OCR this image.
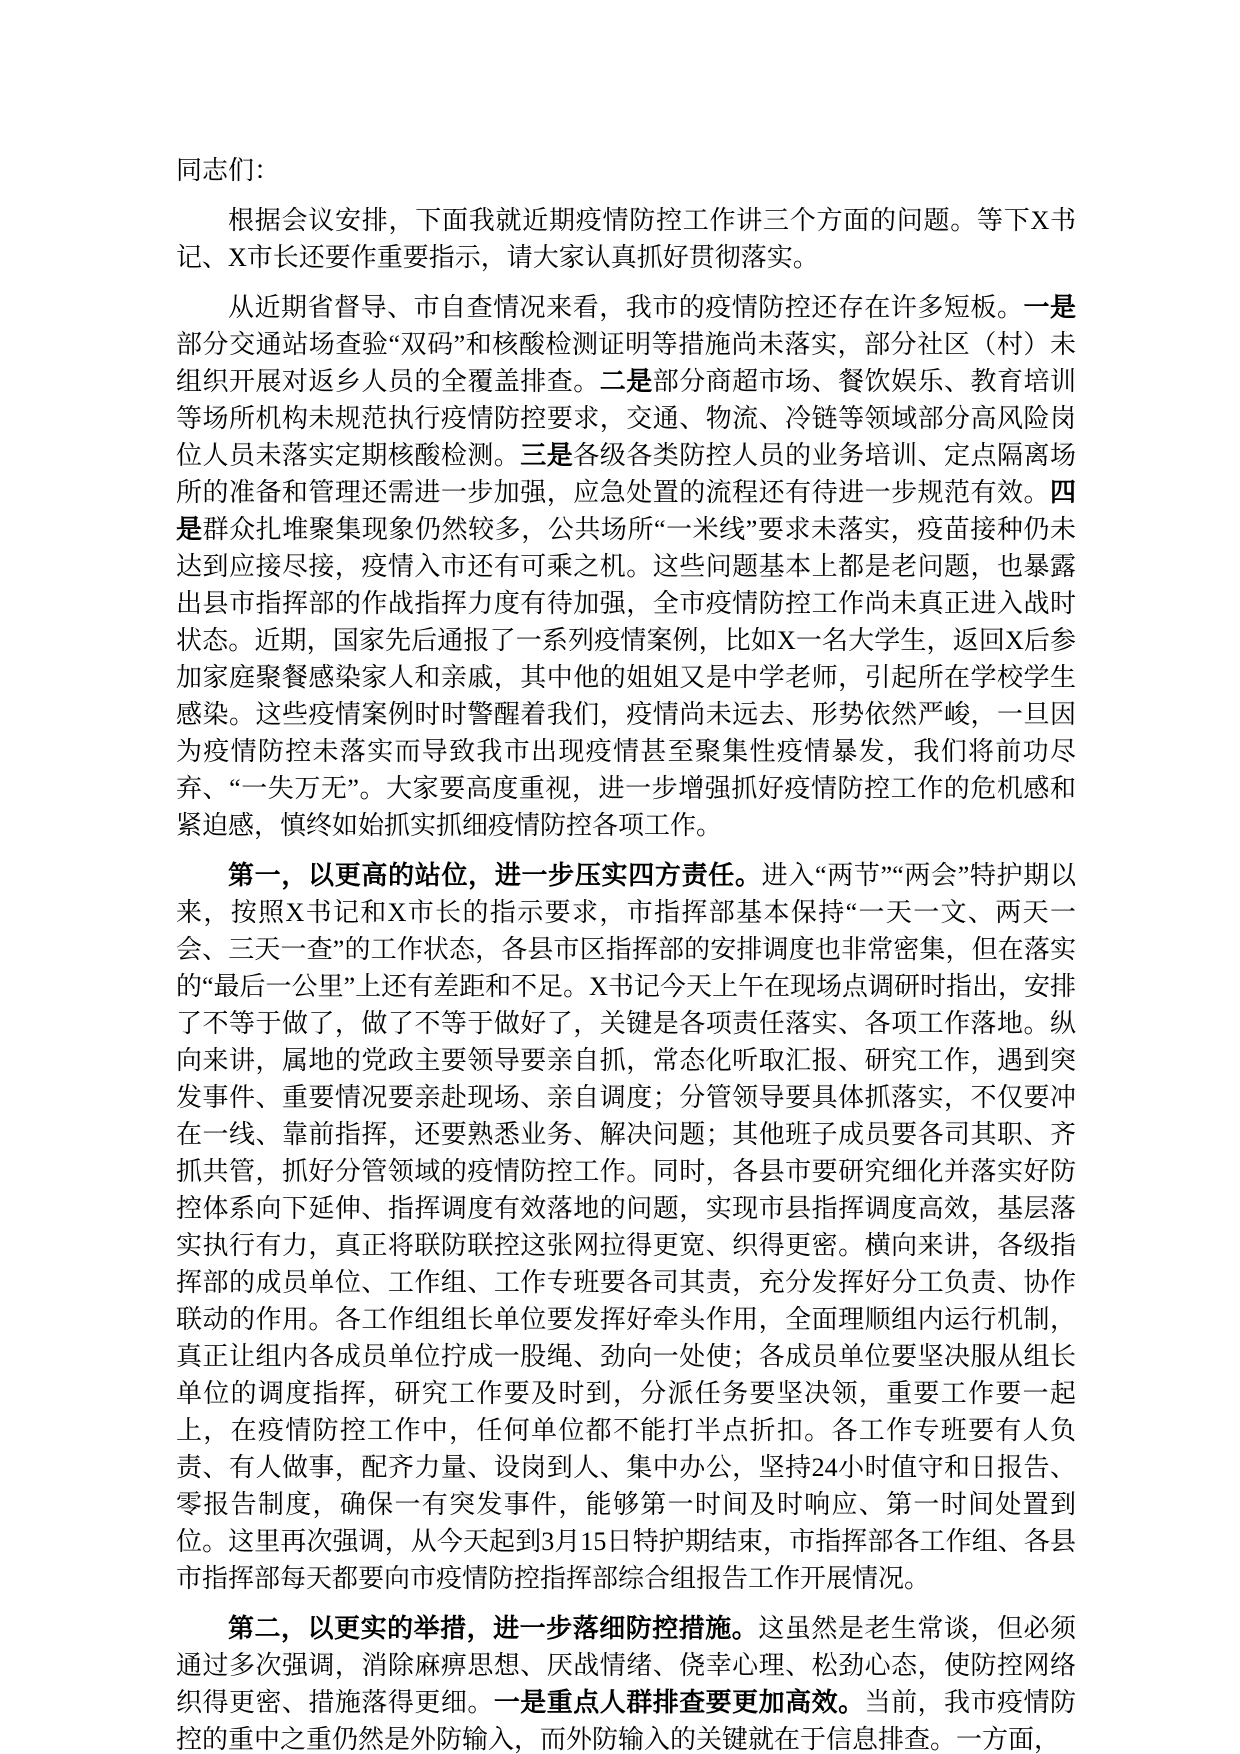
同志们：

根据会议安排，下面我就近期疫情防控工作讲三个方面的问题。等下X书记、X市长还要作重要指示，请大家认真抓好贯彻落实。

从近期省督导、市自查情况来看，我市的疫情防控还存在许多短板。一是部分交通站场查验“双码”和核酸检测证明等措施尚未落实，部分社区（村）未组织开展对返乡人员的全覆盖排查。二是部分商超市场、餐饮娱乐、教育培训等场所机构未规范执行疫情防控要求，交通、物流、冷链等领域部分高风险岗位人员未落实定期核酸检测。三是各级各类防控人员的业务培训、定点隔离场所的准备和管理还需进一步加强，应急处置的流程还有待进一步规范有效。四是群众扎堆聚集现象仍然较多，公共场所“一米线”要求未落实，疫苗接种仍未达到应接尽接，疫情入市还有可乘之机。这些问题基本上都是老问题，也暴露出县市指挥部的作战指挥力度有待加强，全市疫情防控工作尚未真正进入战时状态。近期，国家先后通报了一系列疫情案例，比如X一名大学生，返回X后参加家庭聚餐感染家人和亲戚，其中他的姐姐又是中学老师，引起所在学校学生感染。这些疫情案例时时警醒着我们，疫情尚未远去、形势依然严峻，一旦因为疫情防控未落实而导致我市出现疫情甚至聚集性疫情暴发，我们将前功尽弃、“一失万无”。大家要高度重视，进一步增强抓好疫情防控工作的危机感和紧迫感，慎终如始抓实抓细疫情防控各项工作。

第一，以更高的站位，进一步压实四方责任。进入“两节”“两会”特护期以来，按照X书记和X市长的指示要求，市指挥部基本保持“一天一文、两天一会、三天一查”的工作状态，各县市区指挥部的安排调度也非常密集，但在落实的“最后一公里”上还有差距和不足。X书记今天上午在现场点调研时指出，安排了不等于做了，做了不等于做好了，关键是各项责任落实、各项工作落地。纵向来讲，属地的党政主要领导要亲自抓，常态化听取汇报、研究工作，遇到突发事件、重要情况要亲赴现场、亲自调度；分管领导要具体抓落实，不仅要冲在一线、靠前指挥，还要熟悉业务、解决问题；其他班子成员要各司其职、齐抓共管，抓好分管领域的疫情防控工作。同时，各县市要研究细化并落实好防控体系向下延伸、指挥调度有效落地的问题，实现市县指挥调度高效，基层落实执行有力，真正将联防联控这张网拉得更宽、织得更密。横向来讲，各级指挥部的成员单位、工作组、工作专班要各司其责，充分发挥好分工负责、协作联动的作用。各工作组组长单位要发挥好牵头作用，全面理顺组内运行机制，真正让组内各成员单位拧成一股绳、劲向一处使；各成员单位要坚决服从组长单位的调度指挥，研究工作要及时到，分派任务要坚决领，重要工作要一起上，在疫情防控工作中，任何单位都不能打半点折扣。各工作专班要有人负责、有人做事，配齐力量、设岗到人、集中办公，坚持24小时值守和日报告、零报告制度，确保一有突发事件，能够第一时间及时响应、第一时间处置到位。这里再次强调，从今天起到3月15日特护期结束，市指挥部各工作组、各县市指挥部每天都要向市疫情防控指挥部综合组报告工作开展情况。

第二，以更实的举措，进一步落细防控措施。这虽然是老生常谈，但必须通过多次强调，消除麻痹思想、厌战情绪、侥幸心理、松劲心态，使防控网络织得更密、措施落得更细。一是重点人群排查要更加高效。当前，我市疫情防控的重中之重仍然是外防输入，而外防输入的关键就在于信息排查。一方面，
